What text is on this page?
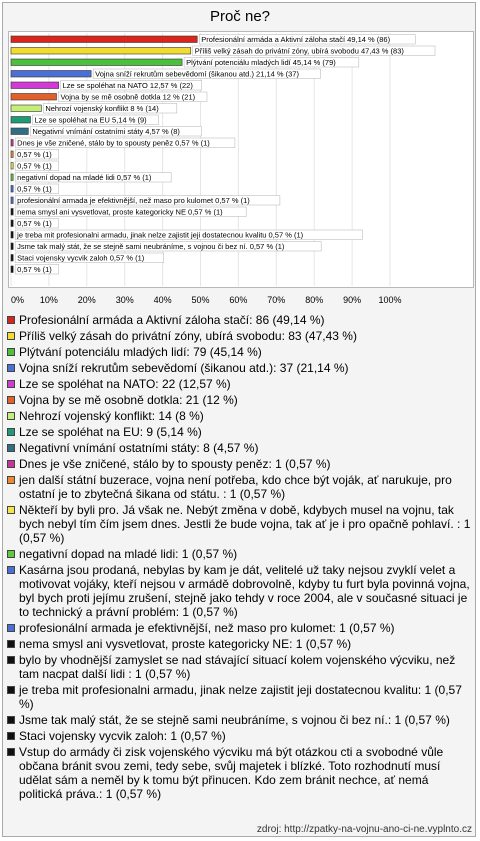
Proč ne?
0% 10% 20% 30% 40% 50% 60% 70% 80% 90% 100%
Profesionální armáda a Aktivní záloha stačí 49,14 % (86)
Příliš velký zásah do privátní zóny, ubírá svobodu 47,43 % (83)
Plýtvání potenciálu mladých lidí 45,14 % (79)
Vojna sníží rekrutům sebevědomí (šikanou atd.) 21,14 % (37)
Lze se spoléhat na NATO 12,57 % (22)
Vojna by se mě osobně dotkla 12 % (21)
Nehrozí vojenský konflikt 8 % (14)
Lze se spoléhat na EU 5,14 % (9)
Negativní vnímání ostatními státy 4,57 % (8)
Dnes je vše zničené, stálo by to spousty peněz 0,57 % (1)
0,57 % (1)
0,57 % (1)
negativní dopad na mladé lidi 0,57 % (1)
0,57 % (1)
profesionální armada je efektivnější, než maso pro kulomet 0,57 % (1)
nema smysl ani vysvetlovat, proste kategoricky NE 0,57 % (1)
0,57 % (1)
je treba mit profesionalni armadu, jinak nelze zajistit jeji dostatecnou kvalitu 0,57 % (1)
Jsme tak malý stát, že se stejně sami neubráníme, s vojnou či bez ní. 0,57 % (1)
Staci vojensky vycvik zaloh 0,57 % (1)
0,57 % (1)
Profesionální armáda a Aktivní záloha stačí: 86 (49,14 %)
Příliš velký zásah do privátní zóny, ubírá svobodu: 83 (47,43 %)
Plýtvání potenciálu mladých lidí: 79 (45,14 %)
Vojna sníží rekrutům sebevědomí (šikanou atd.): 37 (21,14 %)
Lze se spoléhat na NATO: 22 (12,57 %)
Vojna by se mě osobně dotkla: 21 (12 %)
Nehrozí vojenský konflikt: 14 (8 %)
Lze se spoléhat na EU: 9 (5,14 %)
Negativní vnímání ostatními státy: 8 (4,57 %)
Dnes je vše zničené, stálo by to spousty peněz: 1 (0,57 %)
jen další státní buzerace, vojna není potřeba, kdo chce být voják, ať narukuje, pro ostatní je to zbytečná šikana od státu. : 1 (0,57 %)
Někteří by byli pro. Já však ne. Nebýt změna v době, kdybych musel na vojnu, tak bych nebyl tím čím jsem dnes. Jestli že bude vojna, tak ať je i pro opačně pohlaví. : 1 (0,57 %)
negativní dopad na mladé lidi: 1 (0,57 %)
Kasárna jsou prodaná, nebylas by kam je dát, velitelé už taky nejsou zvyklí velet a motivovat vojáky, kteří nejsou v armádě dobrovolně, kdyby tu furt byla povinná vojna, byl bych proti jejímu zrušení, stejně jako tehdy v roce 2004, ale v současné situaci je to technický a právní problém: 1 (0,57 %)
profesionální armada je efektivnější, než maso pro kulomet: 1 (0,57 %)
nema smysl ani vysvetlovat, proste kategoricky NE: 1 (0,57 %)
bylo by vhodnější zamyslet se nad stávající situací kolem vojenského výcviku, než tam nacpat další lidi : 1 (0,57 %)
je treba mit profesionalni armadu, jinak nelze zajistit jeji dostatecnou kvalitu: 1 (0,57 %)
Jsme tak malý stát, že se stejně sami neubráníme, s vojnou či bez ní.: 1 (0,57 %)
Staci vojensky vycvik zaloh: 1 (0,57 %)
Vstup do armády či zisk vojenského výcviku má být otázkou cti a svobodné vůle občana bránit svou zemi, tedy sebe, svůj majetek i blízké. Toto rozhodnutí musí udělat sám a neměl by k tomu být přinucen. Kdo zem bránit nechce, ať nemá politická práva.: 1 (0,57 %)
zdroj: http://zpatky-na-vojnu-ano-ci-ne.vyplnto.cz
